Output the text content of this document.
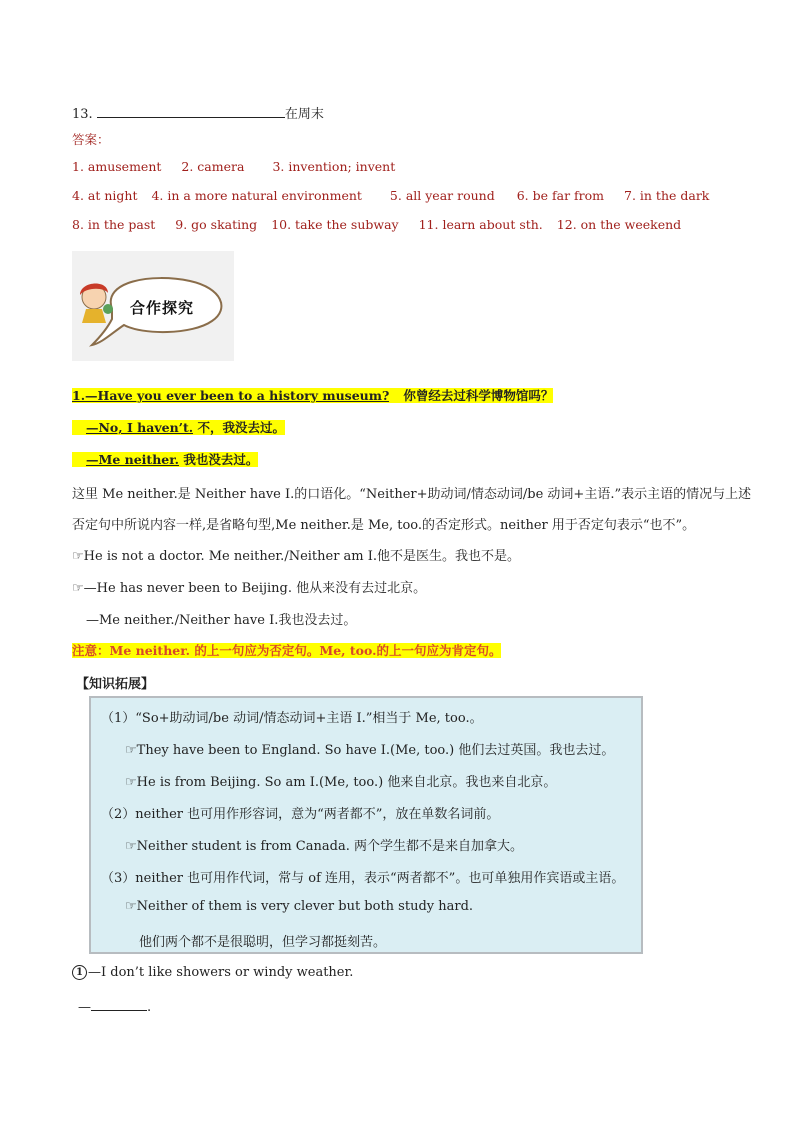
13.	在周末
答案：
1. amusement 2. camera 3. invention; invent
4. at night 4. in a more natural environment 5. all year round 6. be far from 7. in the dark
8. in the past 9. go skating 10. take the subway 11. learn about sth. 12. on the weekend
合作探究
1.—Have you ever been to a history museum? 你曾经去过科学博物馆吗？
—No, I haven’t. 不，我没去过。
—Me neither. 我也没去过。
这里 Me neither.是 Neither have I.的口语化。“Neither+助动词/情态动词/be 动词+主语.”表示主语的情况与上述
否定句中所说内容一样,是省略句型,Me neither.是 Me, too.的否定形式。neither 用于否定句表示“也不”。
☞He is not a doctor. Me neither./Neither am I.他不是医生。我也不是。
☞—He has never been to Beijing. 他从来没有去过北京。
—Me neither./Neither have I.我也没去过。
注意：Me neither. 的上一句应为否定句。Me, too.的上一句应为肯定句。
【知识拓展】
（1）“So+助动词/be 动词/情态动词+主语 I.”相当于 Me, too.。
☞They have been to England. So have I.(Me, too.) 他们去过英国。我也去过。
☞He is from Beijing. So am I.(Me, too.) 他来自北京。我也来自北京。
（2）neither 也可用作形容词，意为“两者都不”，放在单数名词前。
☞Neither student is from Canada. 两个学生都不是来自加拿大。
（3）neither 也可用作代词，常与 of 连用，表示“两者都不”。也可单独用作宾语或主语。
☞Neither of them is very clever but both study hard.
他们两个都不是很聪明，但学习都挺刻苦。
1 —I don’t like showers or windy weather.
—	.
